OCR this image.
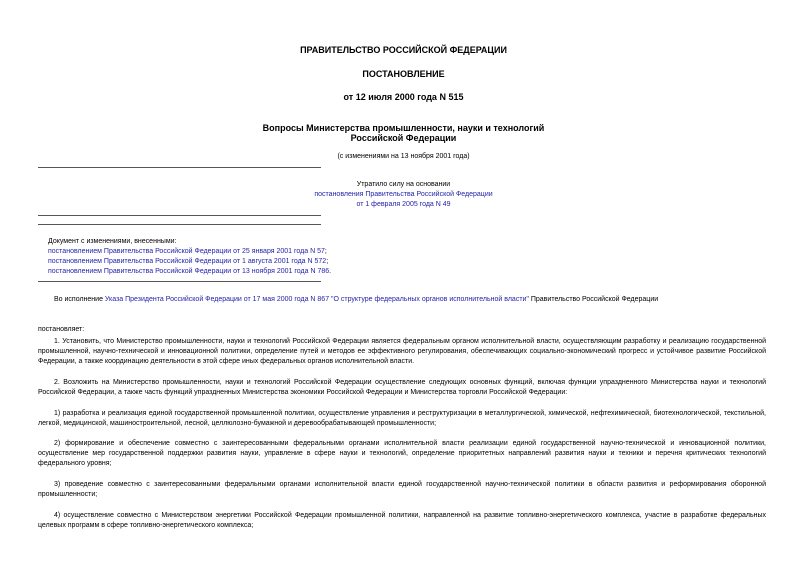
ПРАВИТЕЛЬСТВО РОССИЙСКОЙ ФЕДЕРАЦИИ
ПОСТАНОВЛЕНИЕ
от 12 июля 2000 года N 515
Вопросы Министерства промышленности, науки и технологий
Российской Федерации
(с изменениями на 13 ноября 2001 года)
Утратило силу на основании
постановления Правительства Российской Федерации
от 1 февраля 2005 года N 49
Документ с изменениями, внесенными:
постановлением Правительства Российской Федерации от 25 января 2001 года N 57;
постановлением Правительства Российской Федерации от 1 августа 2001 года N 572;
постановлением Правительства Российской Федерации от 13 ноября 2001 года N 786.
Во исполнение Указа Президента Российской Федерации от 17 мая 2000 года N 867 "О структуре федеральных органов исполнительной власти" Правительство Российской Федерации
постановляет:
1. Установить, что Министерство промышленности, науки и технологий Российской Федерации является федеральным органом исполнительной власти, осуществляющим разработку и реализацию государственной промышленной, научно-технической и инновационной политики, определение путей и методов ее эффективного регулирования, обеспечивающих социально-экономический прогресс и устойчивое развитие Российской Федерации, а также координацию деятельности в этой сфере иных федеральных органов исполнительной власти.
2. Возложить на Министерство промышленности, науки и технологий Российской Федерации осуществление следующих основных функций, включая функции упраздненного Министерства науки и технологий Российской Федерации, а также часть функций упраздненных Министерства экономики Российской Федерации и Министерства торговли Российской Федерации:
1) разработка и реализация единой государственной промышленной политики, осуществление управления и реструктуризации в металлургической, химической, нефтехимической, биотехнологической, текстильной, легкой, медицинской, машиностроительной, лесной, целлюлозно-бумажной и деревообрабатывающей промышленности;
2) формирование и обеспечение совместно с заинтересованными федеральными органами исполнительной власти реализации единой государственной научно-технической и инновационной политики, осуществление мер государственной поддержки развития науки, управление в сфере науки и технологий, определение приоритетных направлений развития науки и техники и перечня критических технологий федерального уровня;
3) проведение совместно с заинтересованными федеральными органами исполнительной власти единой государственной научно-технической политики в области развития и реформирования оборонной промышленности;
4) осуществление совместно с Министерством энергетики Российской Федерации промышленной политики, направленной на развитие топливно-энергетического комплекса, участие в разработке федеральных целевых программ в сфере топливно-энергетического комплекса;
